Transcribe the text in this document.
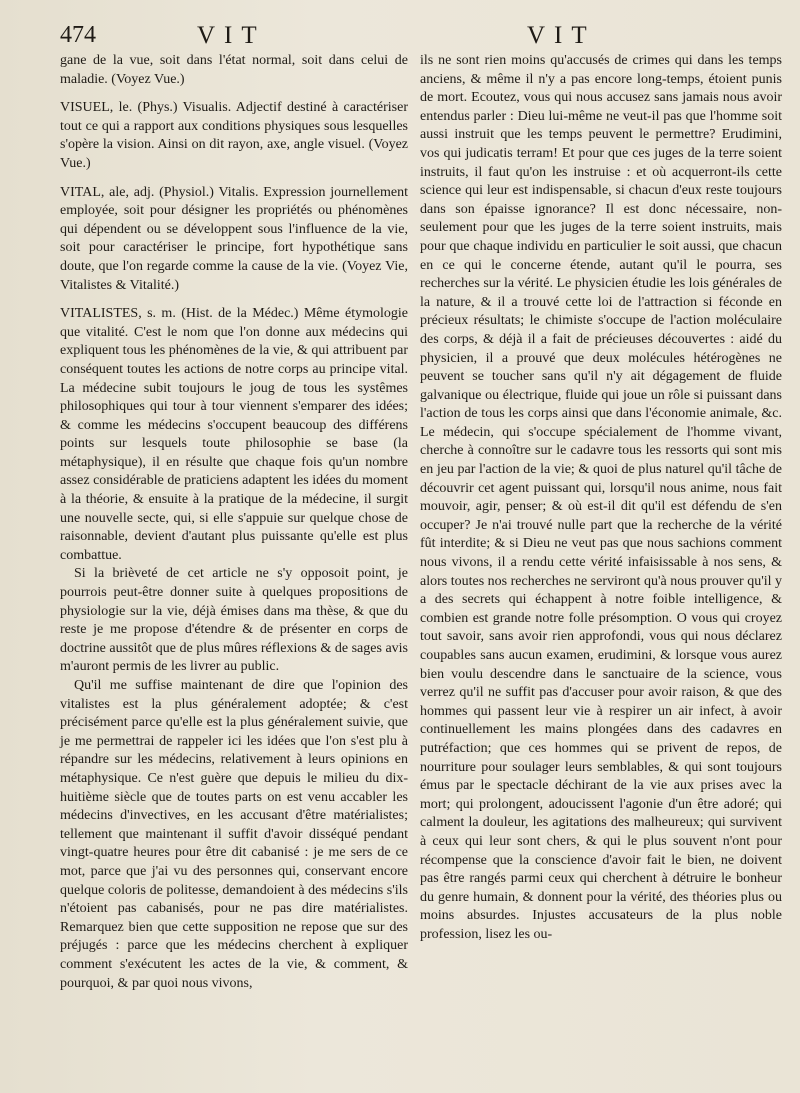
474	VIT	VIT

gane de la vue, soit dans l'état normal, soit dans celui de maladie. (Voyez Vue.)

VISUEL, le. (Phys.) Visualis. Adjectif destiné à caractériser tout ce qui a rapport aux conditions physiques sous lesquelles s'opère la vision. Ainsi on dit rayon, axe, angle visuel. (Voyez Vue.)

VITAL, ale, adj. (Physiol.) Vitalis. Expression journellement employée, soit pour désigner les propriétés ou phénomènes qui dépendent ou se développent sous l'influence de la vie, soit pour caractériser le principe, fort hypothétique sans doute, que l'on regarde comme la cause de la vie. (Voyez Vie, Vitalistes & Vitalité.)

VITALISTES, s. m. (Hist. de la Médec.) Même étymologie que vitalité. C'est le nom que l'on donne aux médecins qui expliquent tous les phénomènes de la vie, & qui attribuent par conséquent toutes les actions de notre corps au principe vital. La médecine subit toujours le joug de tous les systêmes philosophiques qui tour à tour viennent s'emparer des idées; & comme les médecins s'occupent beaucoup des différens points sur lesquels toute philosophie se base (la métaphysique), il en résulte que chaque fois qu'un nombre assez considérable de praticiens adaptent les idées du moment à la théorie, & ensuite à la pratique de la médecine, il surgit une nouvelle secte, qui, si elle s'appuie sur quelque chose de raisonnable, devient d'autant plus puissante qu'elle est plus combattue.

Si la brièveté de cet article ne s'y opposoit point, je pourrois peut-être donner suite à quelques propositions de physiologie sur la vie, déjà émises dans ma thèse, & que du reste je me propose d'étendre & de présenter en corps de doctrine aussitôt que de plus mûres réflexions & de sages avis m'auront permis de les livrer au public.

Qu'il me suffise maintenant de dire que l'opinion des vitalistes est la plus généralement adoptée; & c'est précisément parce qu'elle est la plus généralement suivie, que je me permettrai de rappeler ici les idées que l'on s'est plu à répandre sur les médecins, relativement à leurs opinions en métaphysique. Ce n'est guère que depuis le milieu du dix-huitième siècle que de toutes parts on est venu accabler les médecins d'invectives, en les accusant d'être matérialistes; tellement que maintenant il suffit d'avoir disséqué pendant vingt-quatre heures pour être dit cabanisé : je me sers de ce mot, parce que j'ai vu des personnes qui, conservant encore quelque coloris de politesse, demandoient à des médecins s'ils n'étoient pas cabanisés, pour ne pas dire matérialistes. Remarquez bien que cette supposition ne repose que sur des préjugés : parce que les médecins cherchent à expliquer comment s'exécutent les actes de la vie, & comment, & pourquoi, & par quoi nous vivons,

ils ne sont rien moins qu'accusés de crimes qui dans les temps anciens, & même il n'y a pas encore long-temps, étoient punis de mort. Ecoutez, vous qui nous accusez sans jamais nous avoir entendus parler : Dieu lui-même ne veut-il pas que l'homme soit aussi instruit que les temps peuvent le permettre? Erudimini, vos qui judicatis terram! Et pour que ces juges de la terre soient instruits, il faut qu'on les instruise : et où acquerront-ils cette science qui leur est indispensable, si chacun d'eux reste toujours dans son épaisse ignorance? Il est donc nécessaire, non-seulement pour que les juges de la terre soient instruits, mais pour que chaque individu en particulier le soit aussi, que chacun en ce qui le concerne étende, autant qu'il le pourra, ses recherches sur la vérité. Le physicien étudie les lois générales de la nature, & il a trouvé cette loi de l'attraction si féconde en précieux résultats; le chimiste s'occupe de l'action moléculaire des corps, & déjà il a fait de précieuses découvertes : aidé du physicien, il a prouvé que deux molécules hétérogènes ne peuvent se toucher sans qu'il n'y ait dégagement de fluide galvanique ou électrique, fluide qui joue un rôle si puissant dans l'action de tous les corps ainsi que dans l'économie animale, &c. Le médecin, qui s'occupe spécialement de l'homme vivant, cherche à connoître sur le cadavre tous les ressorts qui sont mis en jeu par l'action de la vie; & quoi de plus naturel qu'il tâche de découvrir cet agent puissant qui, lorsqu'il nous anime, nous fait mouvoir, agir, penser; & où est-il dit qu'il est défendu de s'en occuper? Je n'ai trouvé nulle part que la recherche de la vérité fût interdite; & si Dieu ne veut pas que nous sachions comment nous vivons, il a rendu cette vérité infaisissable à nos sens, & alors toutes nos recherches ne serviront qu'à nous prouver qu'il y a des secrets qui échappent à notre foible intelligence, & combien est grande notre folle présomption. O vous qui croyez tout savoir, sans avoir rien approfondi, vous qui nous déclarez coupables sans aucun examen, erudimini, & lorsque vous aurez bien voulu descendre dans le sanctuaire de la science, vous verrez qu'il ne suffit pas d'accuser pour avoir raison, & que des hommes qui passent leur vie à respirer un air infect, à avoir continuellement les mains plongées dans des cadavres en putréfaction; que ces hommes qui se privent de repos, de nourriture pour soulager leurs semblables, & qui sont toujours émus par le spectacle déchirant de la vie aux prises avec la mort; qui prolongent, adoucissent l'agonie d'un être adoré; qui calment la douleur, les agitations des malheureux; qui survivent à ceux qui leur sont chers, & qui le plus souvent n'ont pour récompense que la conscience d'avoir fait le bien, ne doivent pas être rangés parmi ceux qui cherchent à détruire le bonheur du genre humain, & donnent pour la vérité, des théories plus ou moins absurdes. Injustes accusateurs de la plus noble profession, lisez les ou-
